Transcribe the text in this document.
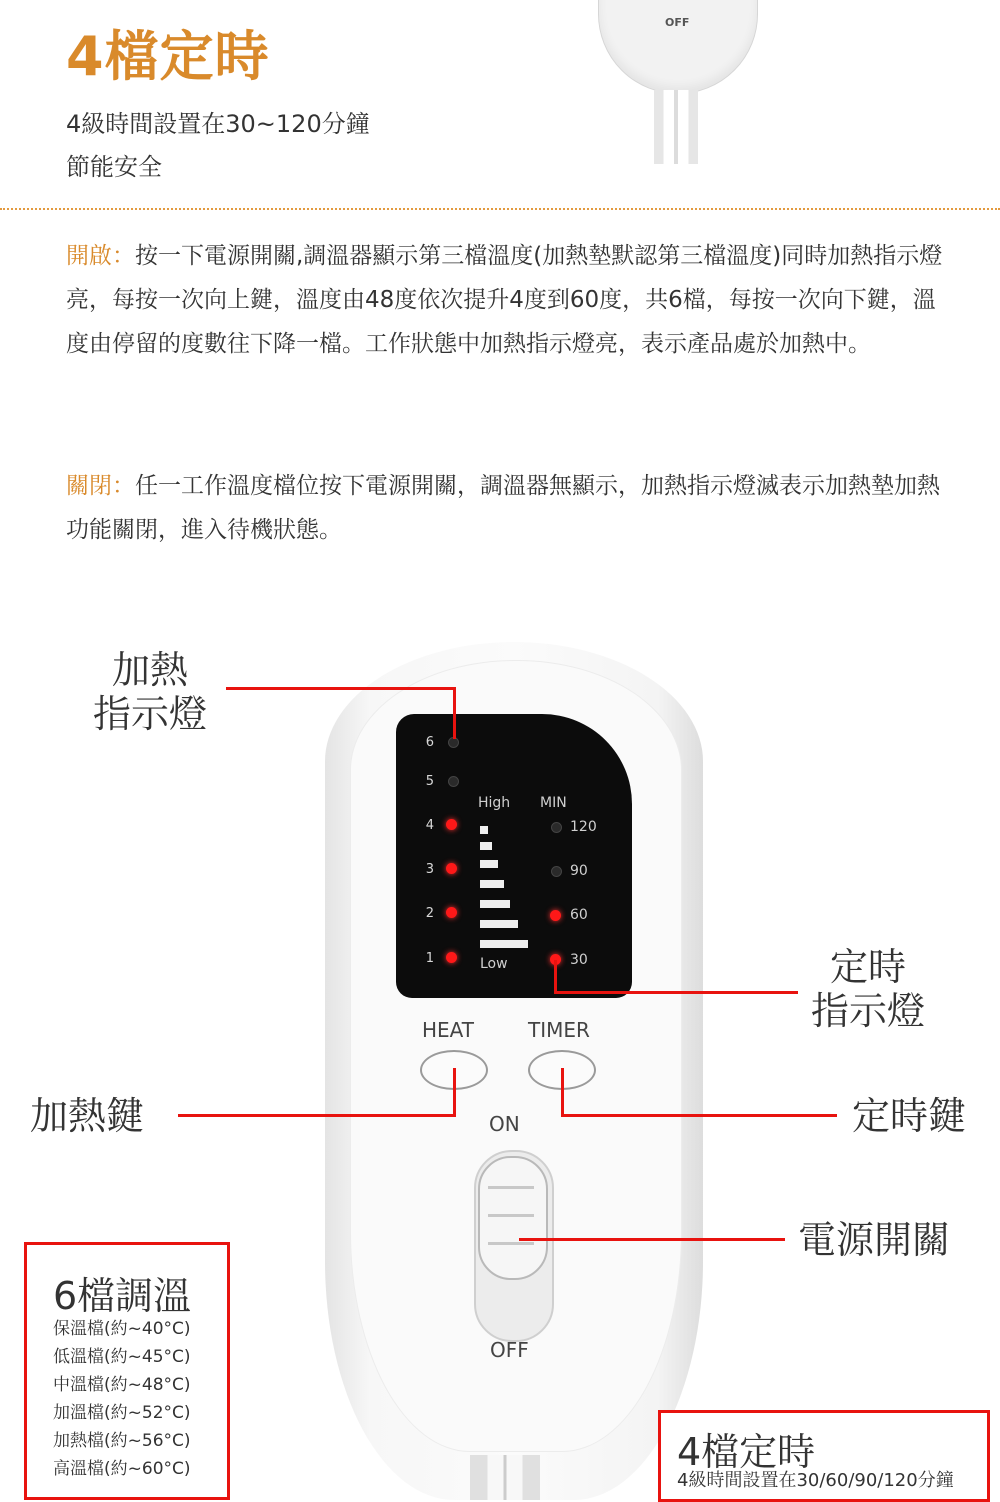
4檔定時
4級時間設置在30~120分鐘
節能安全
OFF
開啟：按一下電源開關,調溫器顯示第三檔溫度(加熱墊默認第三檔溫度)同時加熱指示燈亮，每按一次向上鍵，溫度由48度依次提升4度到60度，共6檔，每按一次向下鍵，溫度由停留的度數往下降一檔。工作狀態中加熱指示燈亮，表示產品處於加熱中。
關閉：任一工作溫度檔位按下電源開關，調溫器無顯示，加熱指示燈滅表示加熱墊加熱功能關閉，進入待機狀態。
6
5
4
3
2
1
High
Low
MIN
120
90
60
30
HEAT	TIMER
ON
OFF
加熱
指示燈
定時
指示燈
加熱鍵	定時鍵
電源開關
6檔調溫
保溫檔(約~40°C)
低溫檔(約~45°C)
中溫檔(約~48°C)
加溫檔(約~52°C)
加熱檔(約~56°C)
高溫檔(約~60°C)	4檔定時
4級時間設置在30/60/90/120分鐘
